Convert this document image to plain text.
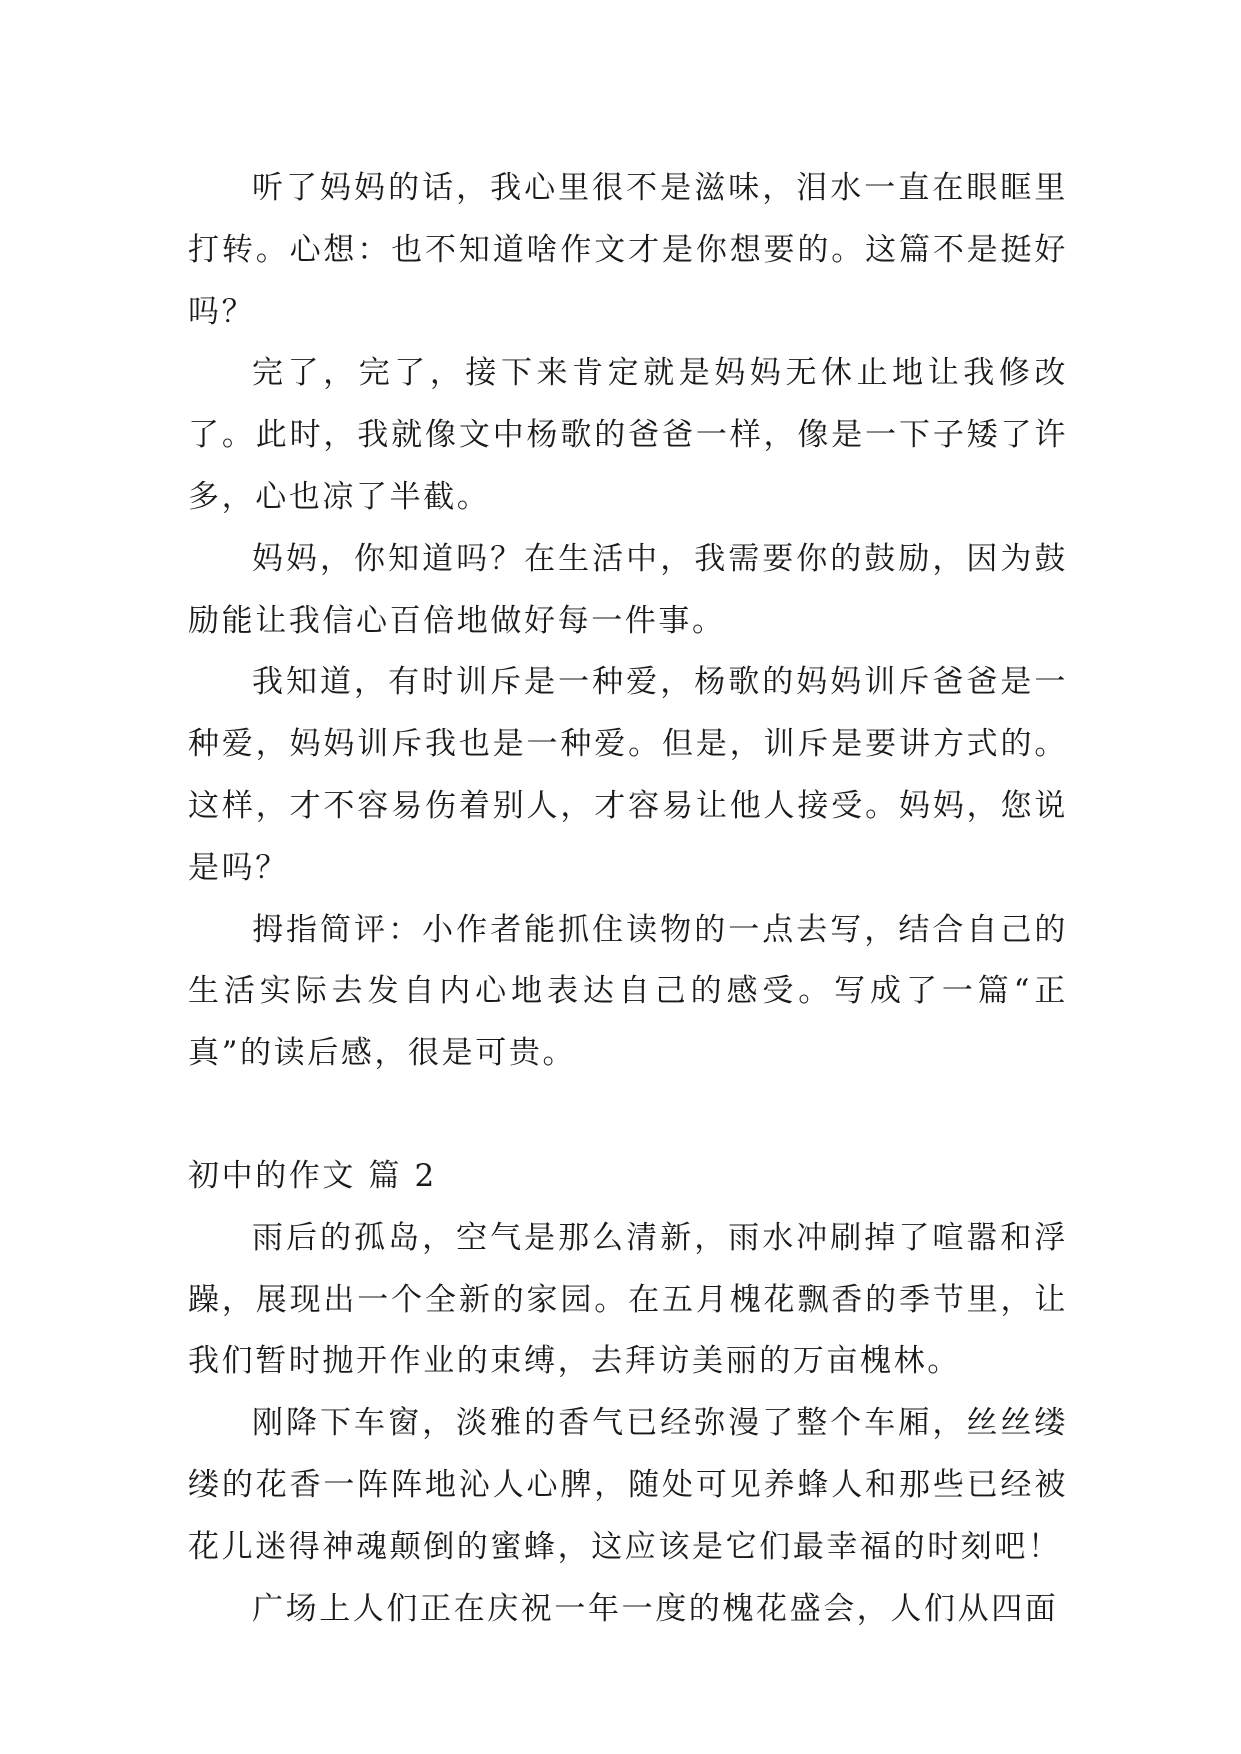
听了妈妈的话，我心里很不是滋味，泪水一直在眼眶里打转。心想：也不知道啥作文才是你想要的。这篇不是挺好吗？

完了，完了，接下来肯定就是妈妈无休止地让我修改了。此时，我就像文中杨歌的爸爸一样，像是一下子矮了许多，心也凉了半截。

妈妈，你知道吗？在生活中，我需要你的鼓励，因为鼓励能让我信心百倍地做好每一件事。

我知道，有时训斥是一种爱，杨歌的妈妈训斥爸爸是一种爱，妈妈训斥我也是一种爱。但是，训斥是要讲方式的。这样，才不容易伤着别人，才容易让他人接受。妈妈，您说是吗？

拇指简评：小作者能抓住读物的一点去写，结合自己的生活实际去发自内心地表达自己的感受。写成了一篇“正真”的读后感，很是可贵。

初中的作文 篇 2

雨后的孤岛，空气是那么清新，雨水冲刷掉了喧嚣和浮躁，展现出一个全新的家园。在五月槐花飘香的季节里，让我们暂时抛开作业的束缚，去拜访美丽的万亩槐林。

刚降下车窗，淡雅的香气已经弥漫了整个车厢，丝丝缕缕的花香一阵阵地沁人心脾，随处可见养蜂人和那些已经被花儿迷得神魂颠倒的蜜蜂，这应该是它们最幸福的时刻吧！

广场上人们正在庆祝一年一度的槐花盛会，人们从四面
